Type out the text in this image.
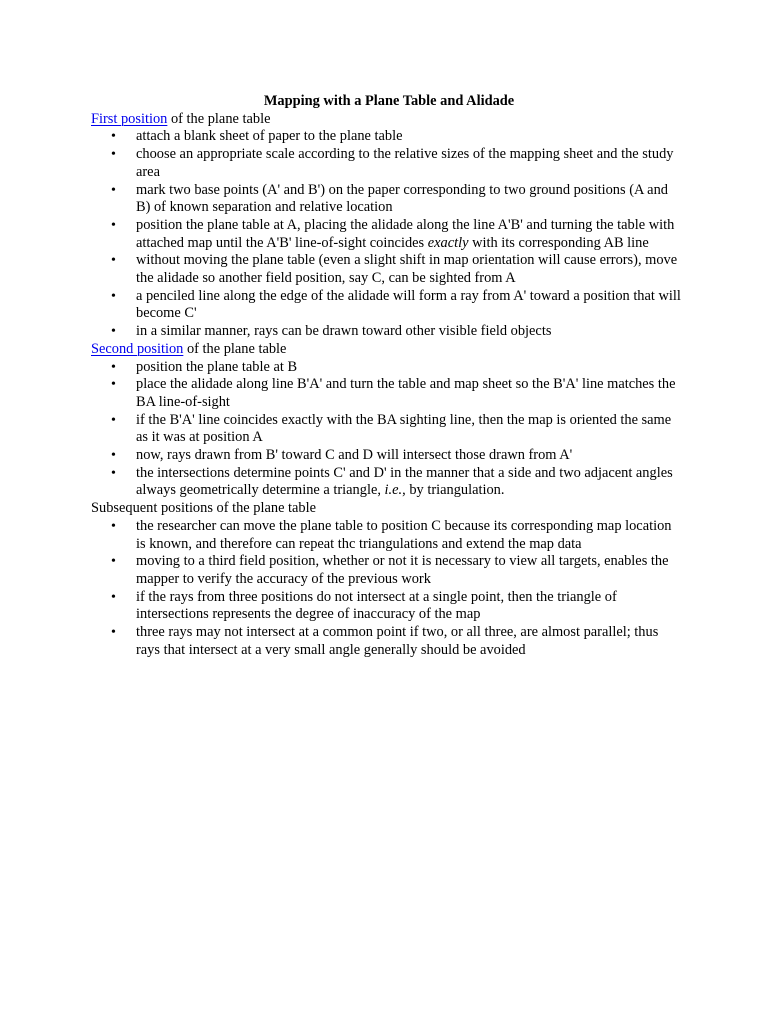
Mapping with a Plane Table and Alidade

First position of the plane table

• attach a blank sheet of paper to the plane table
• choose an appropriate scale according to the relative sizes of the mapping sheet and the study area
• mark two base points (A' and B') on the paper corresponding to two ground positions (A and B) of known separation and relative location
• position the plane table at A, placing the alidade along the line A'B' and turning the table with attached map until the A'B' line-of-sight coincides exactly with its corresponding AB line
• without moving the plane table (even a slight shift in map orientation will cause errors), move the alidade so another field position, say C, can be sighted from A
• a penciled line along the edge of the alidade will form a ray from A' toward a position that will become C'
• in a similar manner, rays can be drawn toward other visible field objects

Second position of the plane table

• position the plane table at B
• place the alidade along line B'A' and turn the table and map sheet so the B'A' line matches the BA line-of-sight
• if the B'A' line coincides exactly with the BA sighting line, then the map is oriented the same as it was at position A
• now, rays drawn from B' toward C and D will intersect those drawn from A'
• the intersections determine points C' and D' in the manner that a side and two adjacent angles always geometrically determine a triangle, i.e., by triangulation.

Subsequent positions of the plane table

• the researcher can move the plane table to position C because its corresponding map location is known, and therefore can repeat thc triangulations and extend the map data
• moving to a third field position, whether or not it is necessary to view all targets, enables the mapper to verify the accuracy of the previous work
• if the rays from three positions do not intersect at a single point, then the triangle of intersections represents the degree of inaccuracy of the map
• three rays may not intersect at a common point if two, or all three, are almost parallel; thus rays that intersect at a very small angle generally should be avoided
